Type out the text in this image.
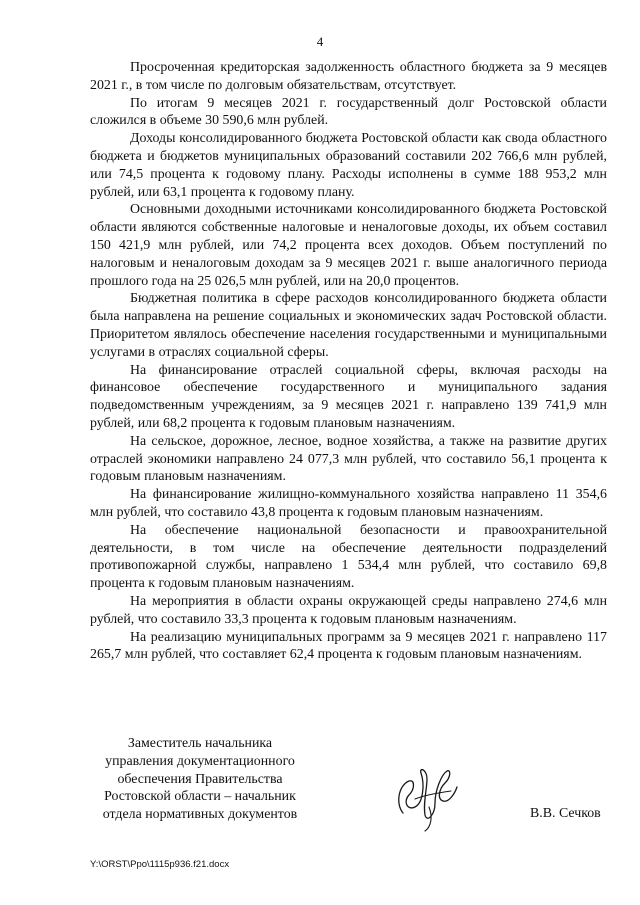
4

Просроченная кредиторская задолженность областного бюджета за 9 месяцев 2021 г., в том числе по долговым обязательствам, отсутствует.

По итогам 9 месяцев 2021 г. государственный долг Ростовской области сложился в объеме 30 590,6 млн рублей.

Доходы консолидированного бюджета Ростовской области как свода областного бюджета и бюджетов муниципальных образований составили 202 766,6 млн рублей, или 74,5 процента к годовому плану. Расходы исполнены в сумме 188 953,2 млн рублей, или 63,1 процента к годовому плану.

Основными доходными источниками консолидированного бюджета Ростовской области являются собственные налоговые и неналоговые доходы, их объем составил 150 421,9 млн рублей, или 74,2 процента всех доходов. Объем поступлений по налоговым и неналоговым доходам за 9 месяцев 2021 г. выше аналогичного периода прошлого года на 25 026,5 млн рублей, или на 20,0 процентов.

Бюджетная политика в сфере расходов консолидированного бюджета области была направлена на решение социальных и экономических задач Ростовской области. Приоритетом являлось обеспечение населения государственными и муниципальными услугами в отраслях социальной сферы.

На финансирование отраслей социальной сферы, включая расходы на финансовое обеспечение государственного и муниципального задания подведомственным учреждениям, за 9 месяцев 2021 г. направлено 139 741,9 млн рублей, или 68,2 процента к годовым плановым назначениям.

На сельское, дорожное, лесное, водное хозяйства, а также на развитие других отраслей экономики направлено 24 077,3 млн рублей, что составило 56,1 процента к годовым плановым назначениям.

На финансирование жилищно-коммунального хозяйства направлено 11 354,6 млн рублей, что составило 43,8 процента к годовым плановым назначениям.

На обеспечение национальной безопасности и правоохранительной деятельности, в том числе на обеспечение деятельности подразделений противопожарной службы, направлено 1 534,4 млн рублей, что составило 69,8 процента к годовым плановым назначениям.

На мероприятия в области охраны окружающей среды направлено 274,6 млн рублей, что составило 33,3 процента к годовым плановым назначениям.

На реализацию муниципальных программ за 9 месяцев 2021 г. направлено 117 265,7 млн рублей, что составляет 62,4 процента к годовым плановым назначениям.

Заместитель начальника
управления документационного
обеспечения Правительства
Ростовской области – начальник
отдела нормативных документов	В.В. Сечков
Y:\ORST\Ppo\1115p936.f21.docx
